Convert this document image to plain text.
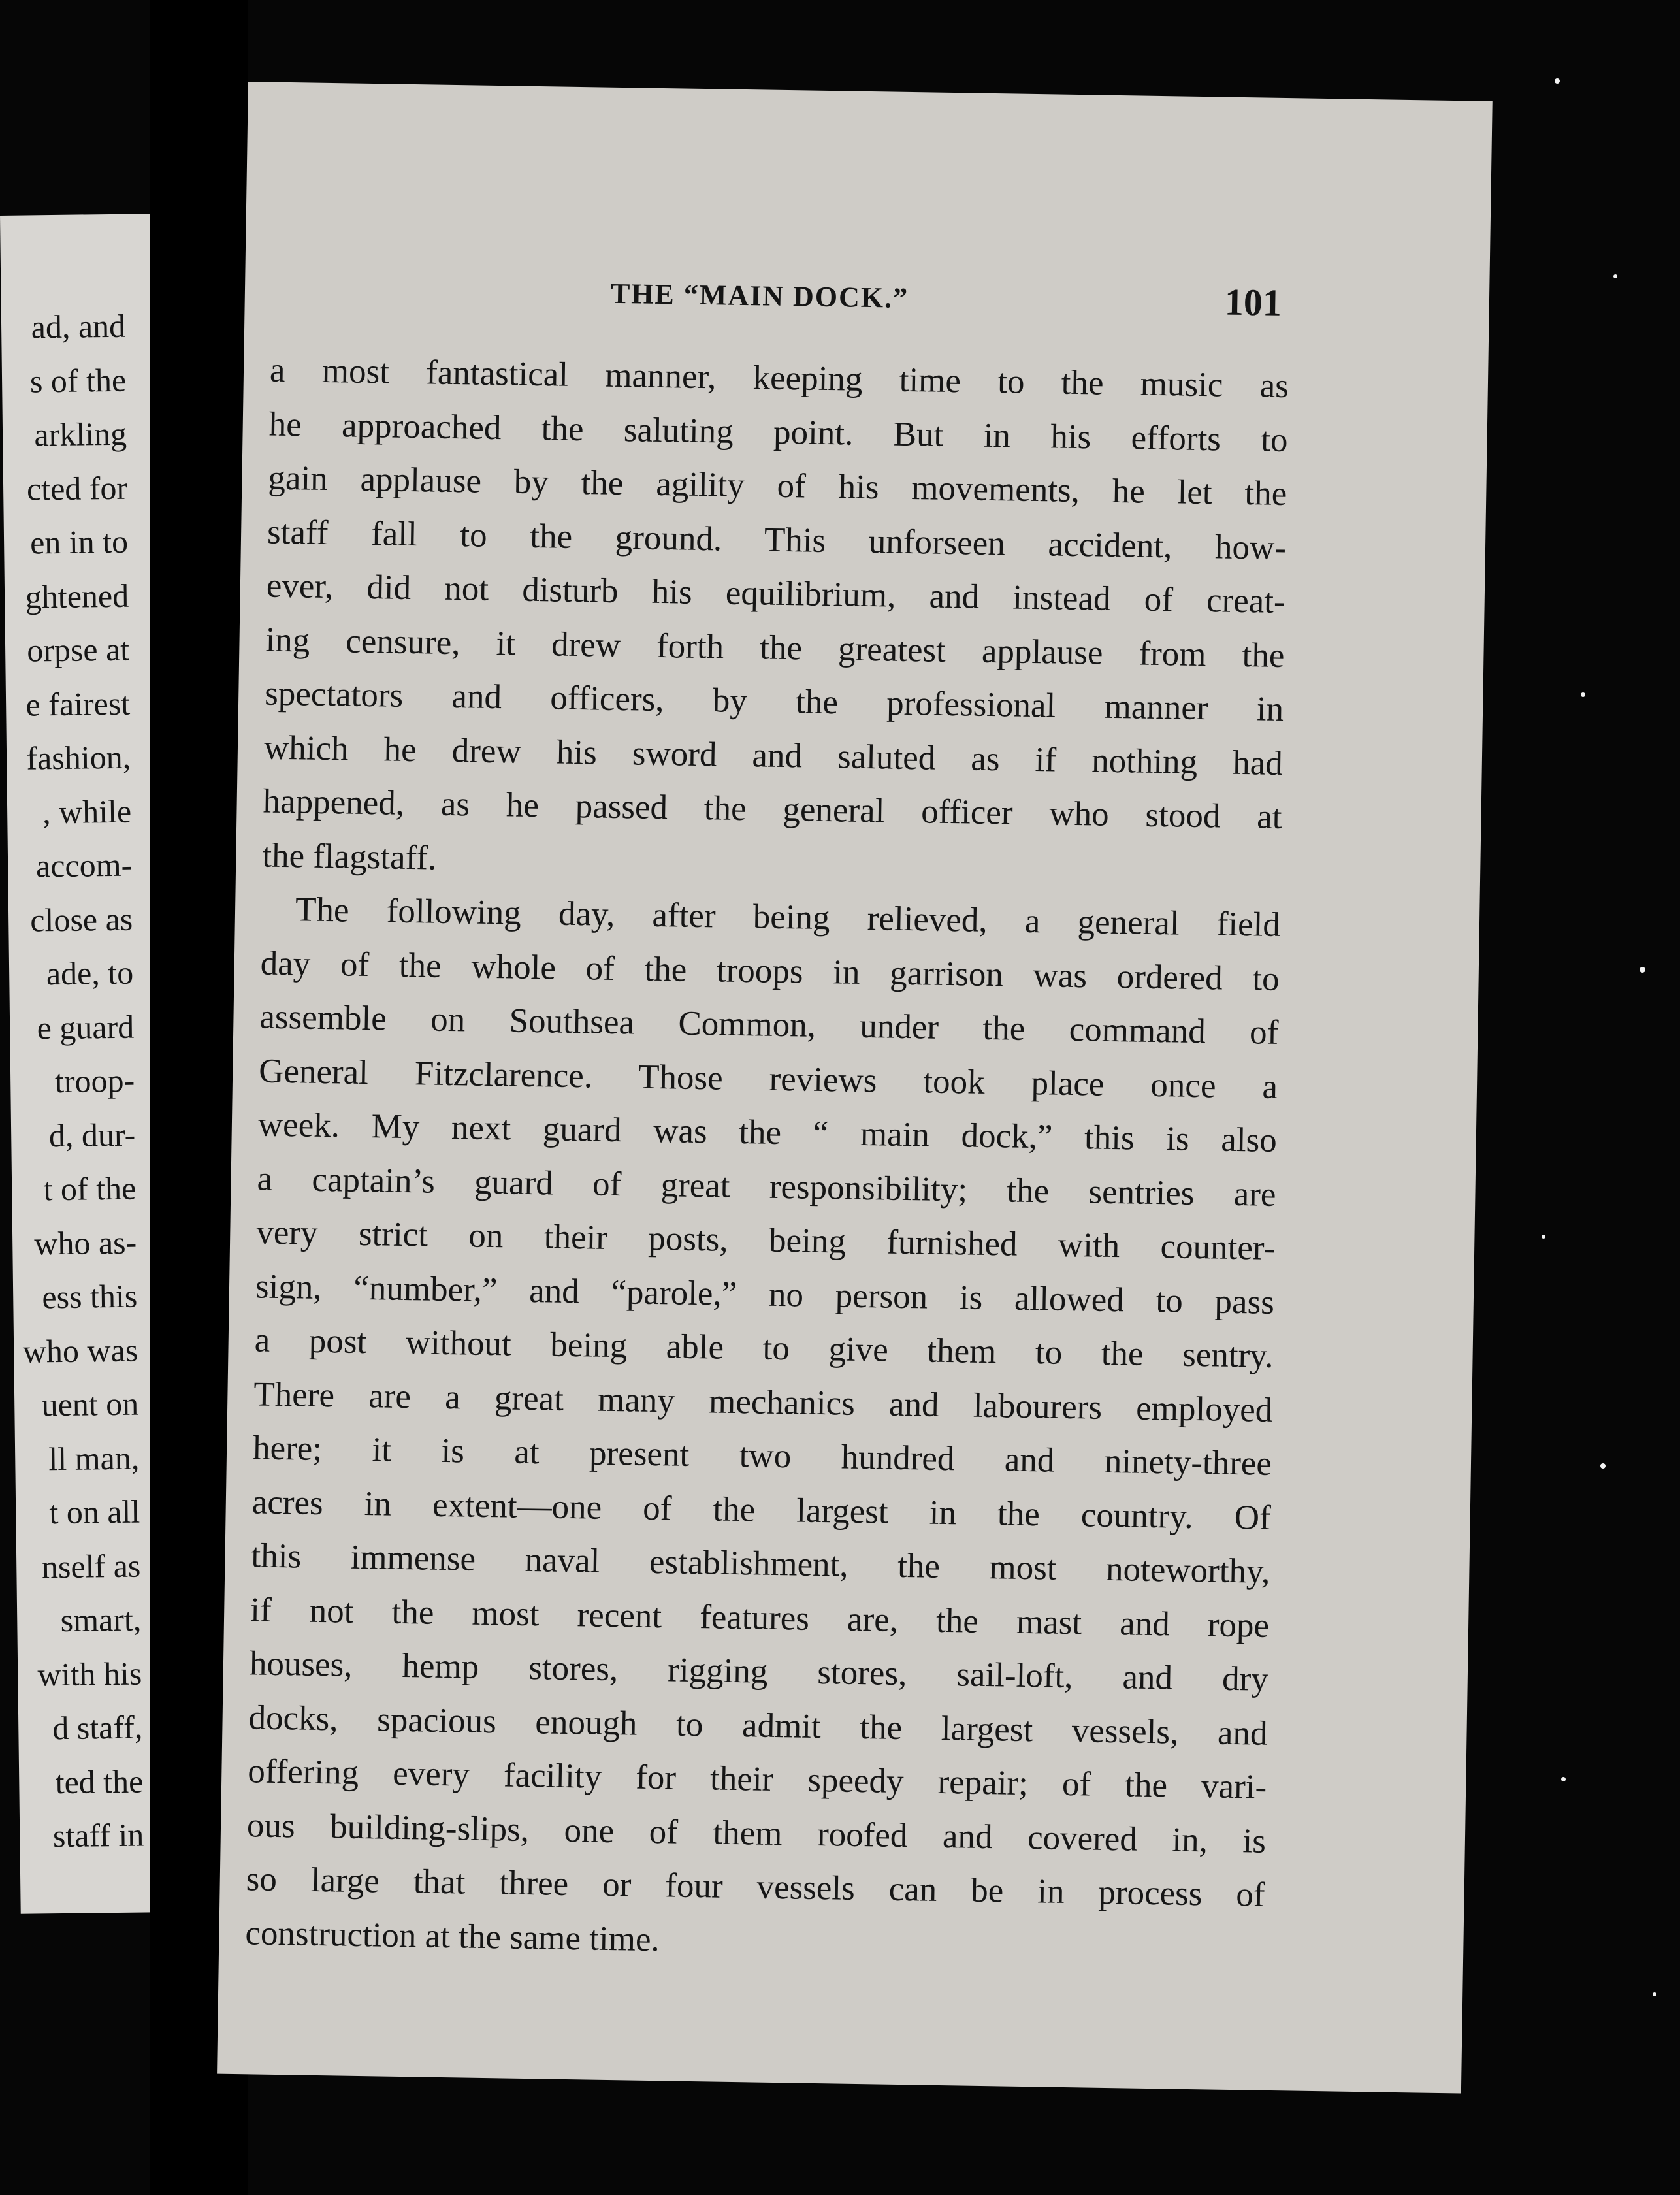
ad, and
s of the
arkling
cted for
en in to
ghtened
orpse at
e fairest
fashion,
, while
accom-
close as
ade, to
e guard
troop-
d, dur-
t of the
who as-
ess this
who was
uent on
ll man,
t on all
nself as
smart,
with his
d staff,
ted the
staff in
THE “MAIN DOCK.”	101
a most fantastical manner, keeping time to the music as
he approached the saluting point. But in his efforts to
gain applause by the agility of his movements, he let the
staff fall to the ground. This unforseen accident, how-
ever, did not disturb his equilibrium, and instead of creat-
ing censure, it drew forth the greatest applause from the
spectators and officers, by the professional manner in
which he drew his sword and saluted as if nothing had
happened, as he passed the general officer who stood at
the flagstaff.
The following day, after being relieved, a general field
day of the whole of the troops in garrison was ordered to
assemble on Southsea Common, under the command of
General Fitzclarence. Those reviews took place once a
week. My next guard was the “ main dock,” this is also
a captain’s guard of great responsibility; the sentries are
very strict on their posts, being furnished with counter-
sign, “number,” and “parole,” no person is allowed to pass
a post without being able to give them to the sentry.
There are a great many mechanics and labourers employed
here; it is at present two hundred and ninety-three
acres in extent—one of the largest in the country. Of
this immense naval establishment, the most noteworthy,
if not the most recent features are, the mast and rope
houses, hemp stores, rigging stores, sail-loft, and dry
docks, spacious enough to admit the largest vessels, and
offering every facility for their speedy repair; of the vari-
ous building-slips, one of them roofed and covered in, is
so large that three or four vessels can be in process of
construction at the same time.
